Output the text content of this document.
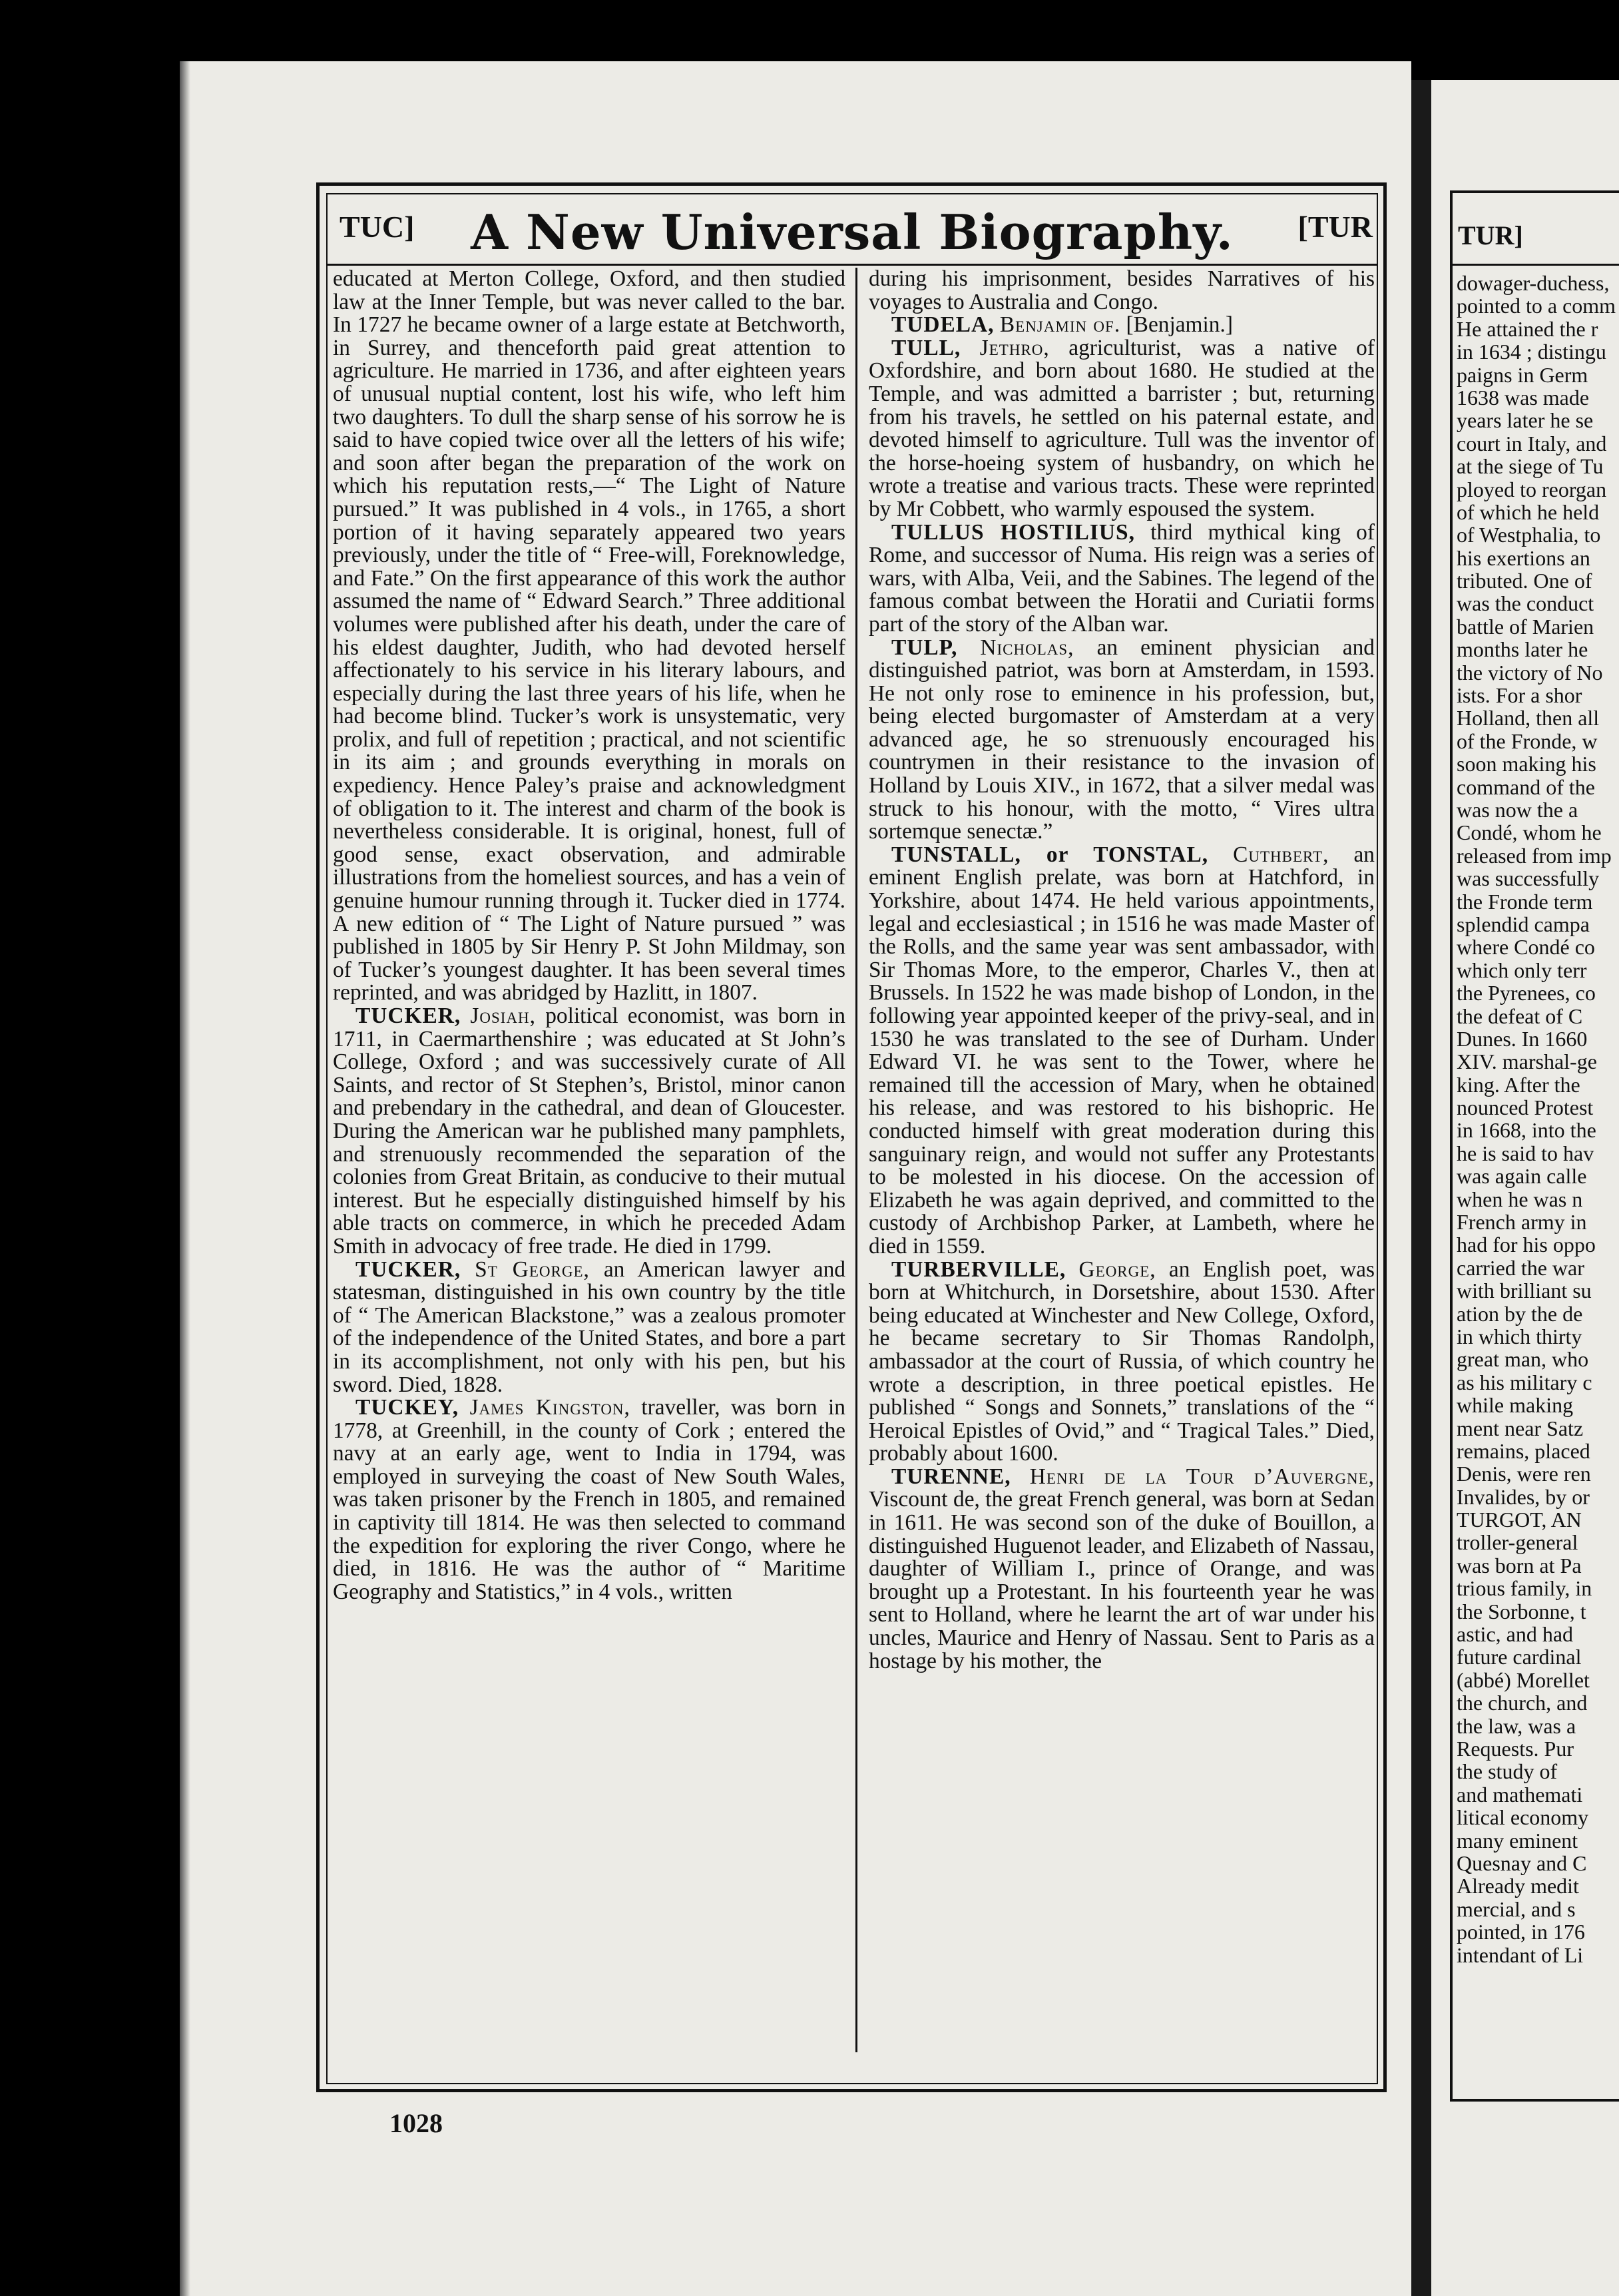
TUC]	A New Universal Biography.	[TUR

educated at Merton College, Oxford, and then studied law at the Inner Temple, but was never called to the bar. In 1727 he became owner of a large estate at Betchworth, in Surrey, and thenceforth paid great attention to agriculture. He married in 1736, and after eighteen years of unusual nuptial content, lost his wife, who left him two daughters. To dull the sharp sense of his sorrow he is said to have copied twice over all the letters of his wife; and soon after began the preparation of the work on which his reputation rests,—“ The Light of Nature pursued.” It was published in 4 vols., in 1765, a short portion of it having separately appeared two years previously, under the title of “ Free-will, Foreknowledge, and Fate.” On the first appearance of this work the author assumed the name of “ Edward Search.” Three additional volumes were published after his death, under the care of his eldest daughter, Judith, who had devoted herself affectionately to his service in his literary labours, and especially during the last three years of his life, when he had become blind. Tucker’s work is unsystematic, very prolix, and full of repetition ; practical, and not scientific in its aim ; and grounds everything in morals on expediency. Hence Paley’s praise and acknowledgment of obligation to it. The interest and charm of the book is nevertheless considerable. It is original, honest, full of good sense, exact observation, and admirable illustrations from the homeliest sources, and has a vein of genuine humour running through it. Tucker died in 1774. A new edition of “ The Light of Nature pursued ” was published in 1805 by Sir Henry P. St John Mildmay, son of Tucker’s youngest daughter. It has been several times reprinted, and was abridged by Hazlitt, in 1807.

TUCKER, Josiah, political economist, was born in 1711, in Caermarthenshire ; was educated at St John’s College, Oxford ; and was successively curate of All Saints, and rector of St Stephen’s, Bristol, minor canon and prebendary in the cathedral, and dean of Gloucester. During the American war he published many pamphlets, and strenuously recommended the separation of the colonies from Great Britain, as conducive to their mutual interest. But he especially distinguished himself by his able tracts on commerce, in which he preceded Adam Smith in advocacy of free trade. He died in 1799.

TUCKER, St George, an American lawyer and statesman, distinguished in his own country by the title of “ The American Blackstone,” was a zealous promoter of the independence of the United States, and bore a part in its accomplishment, not only with his pen, but his sword. Died, 1828.

TUCKEY, James Kingston, traveller, was born in 1778, at Greenhill, in the county of Cork ; entered the navy at an early age, went to India in 1794, was employed in surveying the coast of New South Wales, was taken prisoner by the French in 1805, and remained in captivity till 1814. He was then selected to command the expedition for exploring the river Congo, where he died, in 1816. He was the author of “ Maritime Geography and Statistics,” in 4 vols., written

during his imprisonment, besides Narratives of his voyages to Australia and Congo.

TUDELA, Benjamin of. [Benjamin.]

TULL, Jethro, agriculturist, was a native of Oxfordshire, and born about 1680. He studied at the Temple, and was admitted a barrister ; but, returning from his travels, he settled on his paternal estate, and devoted himself to agriculture. Tull was the inventor of the horse-hoeing system of husbandry, on which he wrote a treatise and various tracts. These were reprinted by Mr Cobbett, who warmly espoused the system.

TULLUS HOSTILIUS, third mythical king of Rome, and successor of Numa. His reign was a series of wars, with Alba, Veii, and the Sabines. The legend of the famous combat between the Horatii and Curiatii forms part of the story of the Alban war.

TULP, Nicholas, an eminent physician and distinguished patriot, was born at Amsterdam, in 1593. He not only rose to eminence in his profession, but, being elected burgomaster of Amsterdam at a very advanced age, he so strenuously encouraged his countrymen in their resistance to the invasion of Holland by Louis XIV., in 1672, that a silver medal was struck to his honour, with the motto, “ Vires ultra sortemque senectæ.”

TUNSTALL, or TONSTAL, Cuthbert, an eminent English prelate, was born at Hatchford, in Yorkshire, about 1474. He held various appointments, legal and ecclesiastical ; in 1516 he was made Master of the Rolls, and the same year was sent ambassador, with Sir Thomas More, to the emperor, Charles V., then at Brussels. In 1522 he was made bishop of London, in the following year appointed keeper of the privy-seal, and in 1530 he was translated to the see of Durham. Under Edward VI. he was sent to the Tower, where he remained till the accession of Mary, when he obtained his release, and was restored to his bishopric. He conducted himself with great moderation during this sanguinary reign, and would not suffer any Protestants to be molested in his diocese. On the accession of Elizabeth he was again deprived, and committed to the custody of Archbishop Parker, at Lambeth, where he died in 1559.

TURBERVILLE, George, an English poet, was born at Whitchurch, in Dorsetshire, about 1530. After being educated at Winchester and New College, Oxford, he became secretary to Sir Thomas Randolph, ambassador at the court of Russia, of which country he wrote a description, in three poetical epistles. He published “ Songs and Sonnets,” translations of the “ Heroical Epistles of Ovid,” and “ Tragical Tales.” Died, probably about 1600.

TURENNE, Henri de la Tour d’Auvergne, Viscount de, the great French general, was born at Sedan in 1611. He was second son of the duke of Bouillon, a distinguished Huguenot leader, and Elizabeth of Nassau, daughter of William I., prince of Orange, and was brought up a Protestant. In his fourteenth year he was sent to Holland, where he learnt the art of war under his uncles, Maurice and Henry of Nassau. Sent to Paris as a hostage by his mother, the

1028
TUR]
dowager-duchess,
pointed to a comm
He attained the r
in 1634 ; distingu
paigns in Germ
1638 was made
years later he se
court in Italy, and
at the siege of Tu
ployed to reorgan
of which he held
of Westphalia, to
his exertions an
tributed. One of
was the conduct
battle of Marien
months later he
the victory of No
ists. For a shor
Holland, then all
of the Fronde, w
soon making his
command of the
was now the a
Condé, whom he
released from imp
was successfully
the Fronde term
splendid campa
where Condé co
which only terr
the Pyrenees, co
the defeat of C
Dunes. In 1660
XIV. marshal-ge
king. After the
nounced Protest
in 1668, into the
he is said to hav
was again calle
when he was n
French army in
had for his oppo
carried the war
with brilliant su
ation by the de
in which thirty
great man, who
as his military c
while making
ment near Satz
remains, placed
Denis, were ren
Invalides, by or
TURGOT, AN
troller-general
was born at Pa
trious family, in
the Sorbonne, t
astic, and had
future cardinal
(abbé) Morellet
the church, and
the law, was a
Requests. Pur
the study of
and mathemati
litical economy
many eminent
Quesnay and C
Already medit
mercial, and s
pointed, in 176
intendant of Li
